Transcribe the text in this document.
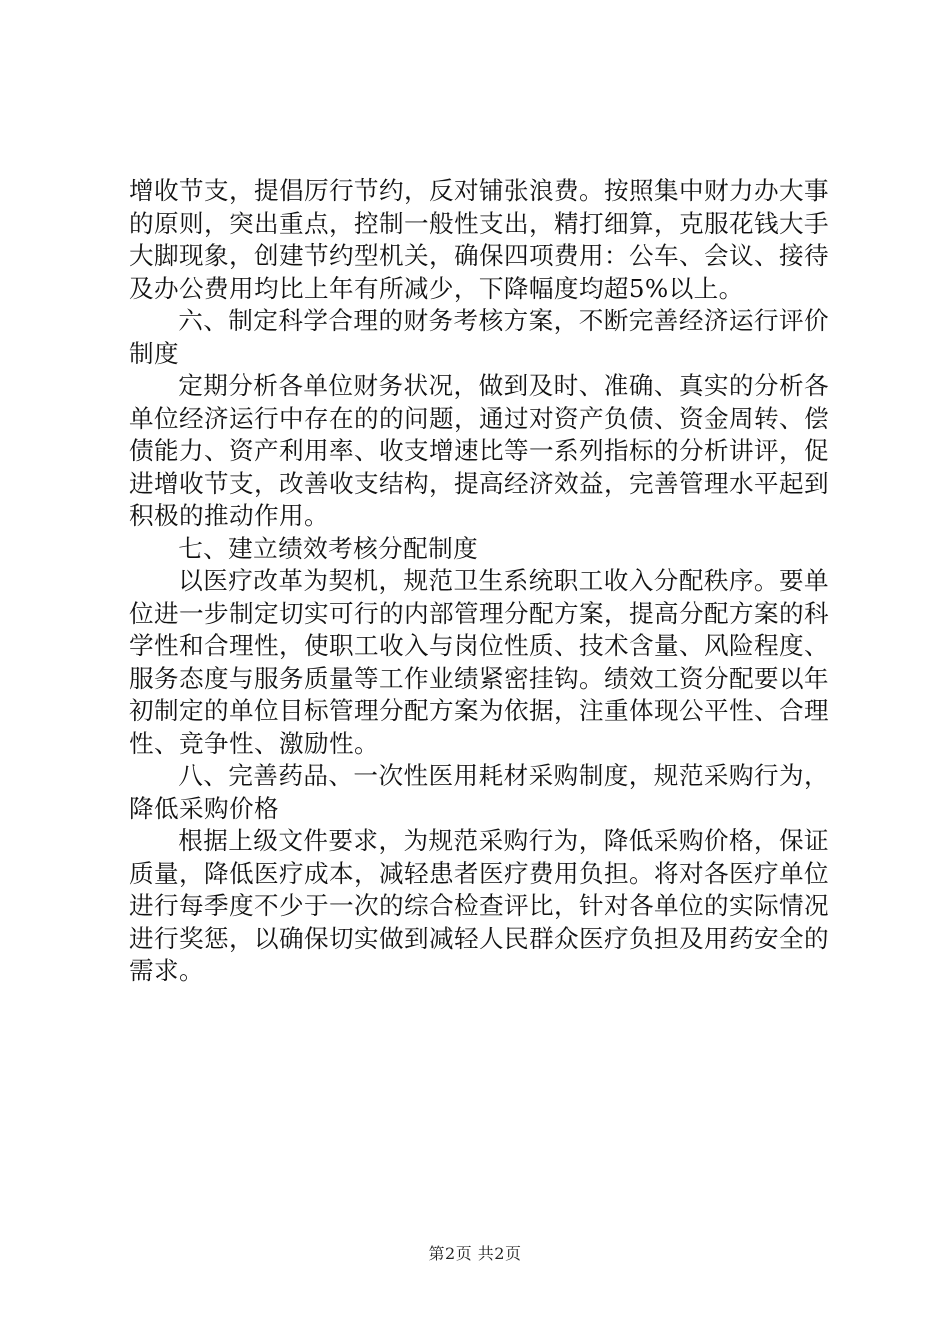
增收节支，提倡厉行节约，反对铺张浪费。按照集中财力办大事的原则，突出重点，控制一般性支出，精打细算，克服花钱大手大脚现象，创建节约型机关，确保四项费用：公车、会议、接待及办公费用均比上年有所减少，下降幅度均超5%以上。

六、制定科学合理的财务考核方案，不断完善经济运行评价制度

定期分析各单位财务状况，做到及时、准确、真实的分析各单位经济运行中存在的的问题，通过对资产负债、资金周转、偿债能力、资产利用率、收支增速比等一系列指标的分析讲评，促进增收节支，改善收支结构，提高经济效益，完善管理水平起到积极的推动作用。

七、建立绩效考核分配制度

以医疗改革为契机，规范卫生系统职工收入分配秩序。要单位进一步制定切实可行的内部管理分配方案，提高分配方案的科学性和合理性，使职工收入与岗位性质、技术含量、风险程度、服务态度与服务质量等工作业绩紧密挂钩。绩效工资分配要以年初制定的单位目标管理分配方案为依据，注重体现公平性、合理性、竞争性、激励性。

八、完善药品、一次性医用耗材采购制度，规范采购行为，降低采购价格

根据上级文件要求，为规范采购行为，降低采购价格，保证质量，降低医疗成本，减轻患者医疗费用负担。将对各医疗单位进行每季度不少于一次的综合检查评比，针对各单位的实际情况进行奖惩，以确保切实做到减轻人民群众医疗负担及用药安全的需求。

第2页 共2页
